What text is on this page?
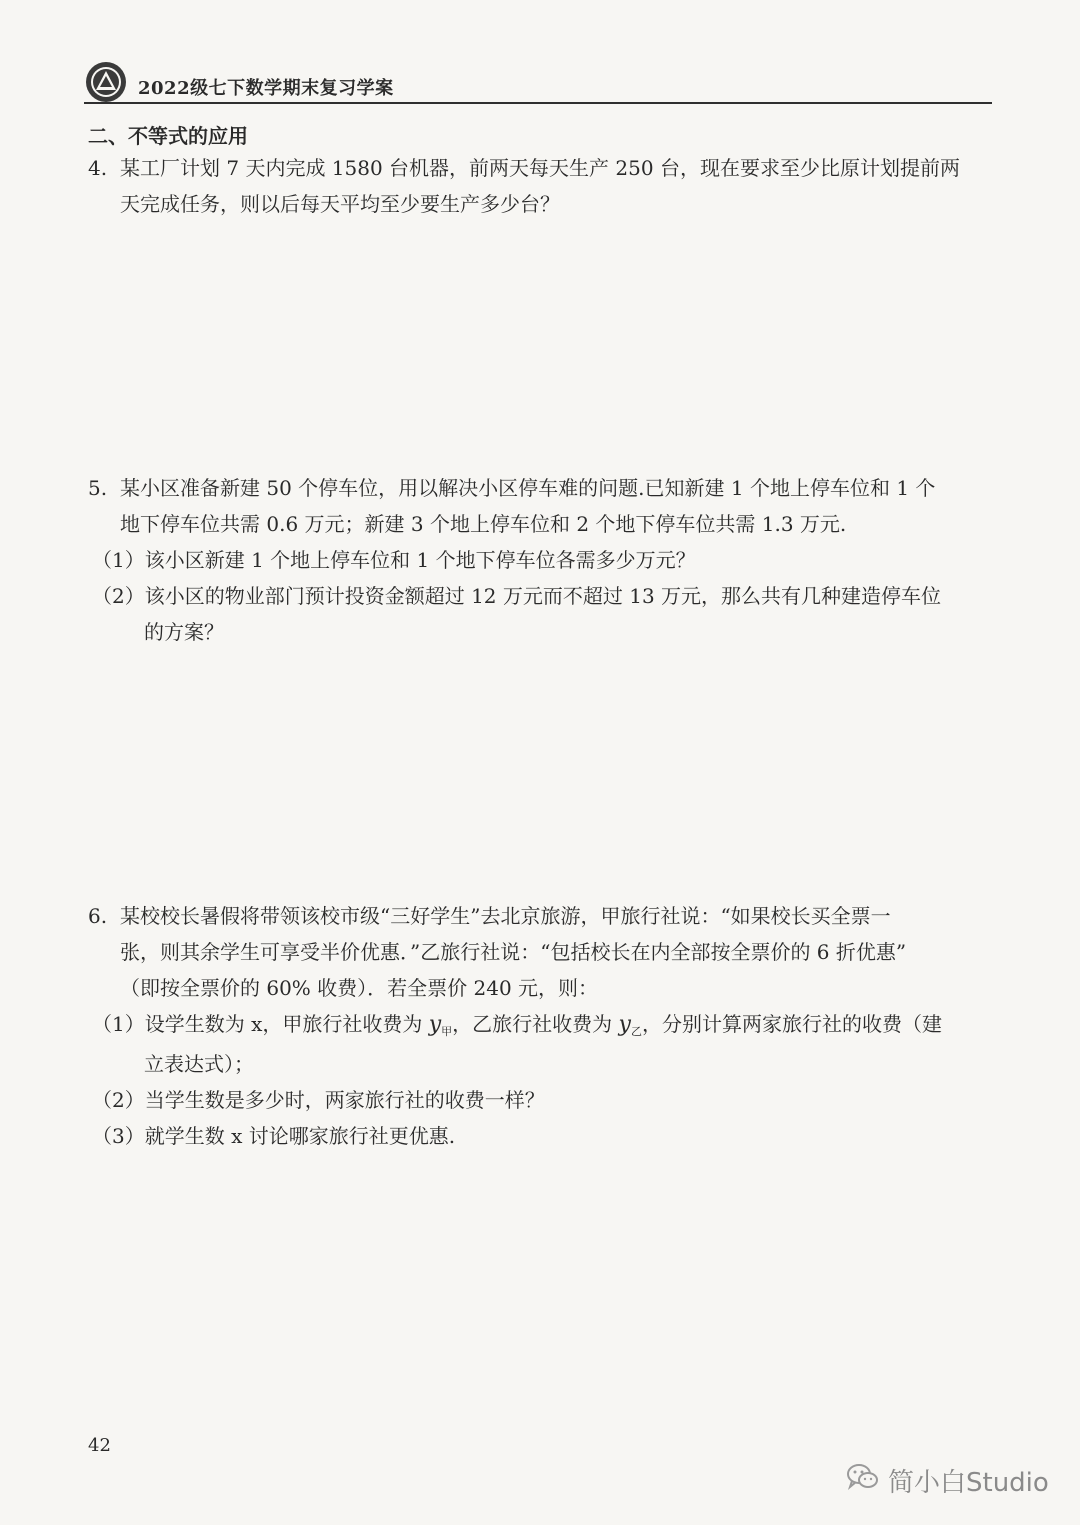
2022级七下数学期末复习学案
二、不等式的应用
4. 某工厂计划 7 天内完成 1580 台机器，前两天每天生产 250 台，现在要求至少比原计划提前两
天完成任务，则以后每天平均至少要生产多少台？
5. 某小区准备新建 50 个停车位，用以解决小区停车难的问题.已知新建 1 个地上停车位和 1 个
地下停车位共需 0.6 万元；新建 3 个地上停车位和 2 个地下停车位共需 1.3 万元.
（1）该小区新建 1 个地上停车位和 1 个地下停车位各需多少万元？
（2）该小区的物业部门预计投资金额超过 12 万元而不超过 13 万元，那么共有几种建造停车位
的方案？
6. 某校校长暑假将带领该校市级“三好学生”去北京旅游，甲旅行社说：“如果校长买全票一
张，则其余学生可享受半价优惠．”乙旅行社说：“包括校长在内全部按全票价的 6 折优惠”
（即按全票价的 60% 收费）．若全票价 240 元，则：
（1）设学生数为 x，甲旅行社收费为 $y_甲$，乙旅行社收费为 $y_乙$，分别计算两家旅行社的收费（建
立表达式）；
（2）当学生数是多少时，两家旅行社的收费一样？
（3）就学生数 x 讨论哪家旅行社更优惠.
42
简小白Studio
